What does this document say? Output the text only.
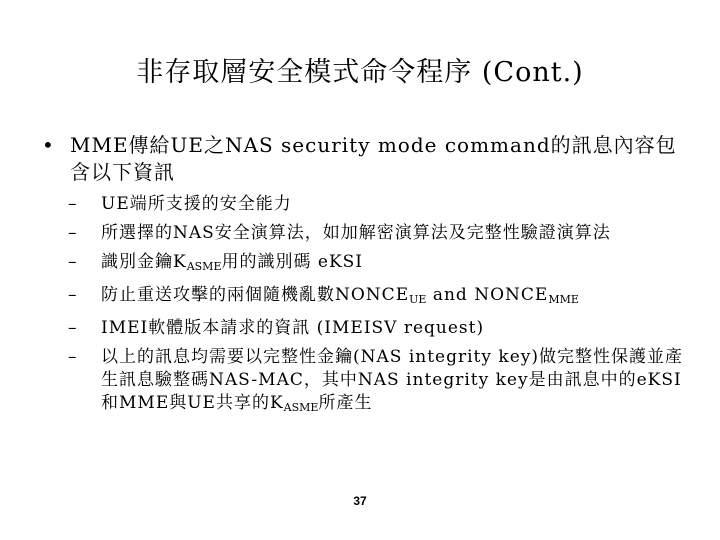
非存取層安全模式命令程序 (Cont.)
• MME傳給UE之NAS security mode command的訊息內容包含以下資訊
– UE端所支援的安全能力
– 所選擇的NAS安全演算法，如加解密演算法及完整性驗證演算法
– 識別金鑰$K_{ASME}$用的識別碼 eKSI
– 防止重送攻擊的兩個隨機亂數$NONCE_{UE}$ and $NONCE_{MME}$
– IMEI軟體版本請求的資訊 (IMEISV request)
– 以上的訊息均需要以完整性金鑰(NAS integrity key)做完整性保護並產生訊息驗整碼NAS-MAC，其中NAS integrity key是由訊息中的eKSI和MME與UE共享的$K_{ASME}$所產生
37
